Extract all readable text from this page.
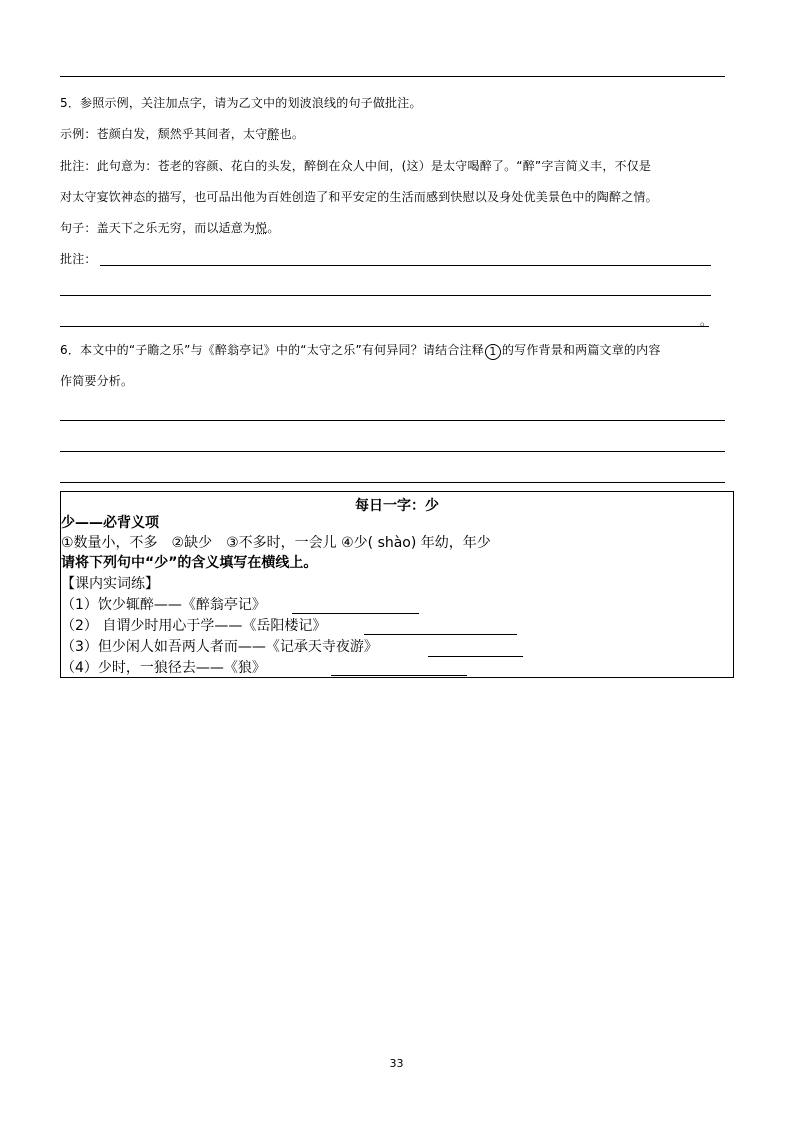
5．参照示例，关注加点字，请为乙文中的划波浪线的句子做批注。
示例：苍颜白发，颓然乎其间者，太守醉也。
批注：此句意为：苍老的容颜、花白的头发，醉倒在众人中间，(这）是太守喝醉了。“醉”字言简义丰，不仅是
对太守宴饮神态的描写，也可品出他为百姓创造了和平安定的生活而感到快慰以及身处优美景色中的陶醉之情。
句子：盖天下之乐无穷，而以适意为悦。
批注：
。
6．本文中的“子瞻之乐”与《醉翁亭记》中的“太守之乐”有何异同？请结合注释 1 的写作背景和两篇文章的内容
作简要分析。
每日一字：少
少——必背义项
①数量小，不多　②缺少　③不多时，一会儿 ④少( shào) 年幼，年少
请将下列句中“少”的含义填写在横线上。
【课内实词练】
（1）饮少辄醉——《醉翁亭记》
（2） 自谓少时用心于学——《岳阳楼记》
（3）但少闲人如吾两人者而——《记承天寺夜游》
（4）少时，一狼径去——《狼》
33
